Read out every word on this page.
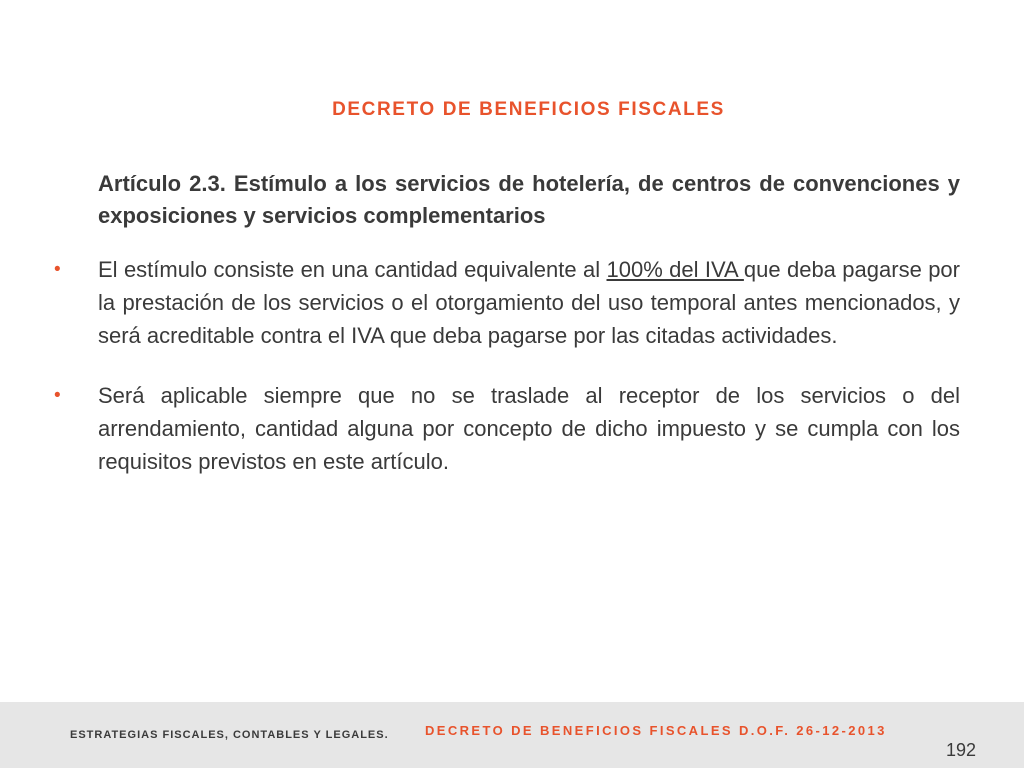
DECRETO DE BENEFICIOS FISCALES
Artículo 2.3. Estímulo a los servicios de hotelería, de centros de convenciones y exposiciones y servicios complementarios
• El estímulo consiste en una cantidad equivalente al 100% del IVA que deba pagarse por la prestación de los servicios o el otorgamiento del uso temporal antes mencionados, y será acreditable contra el IVA que deba pagarse por las citadas actividades.
• Será aplicable siempre que no se traslade al receptor de los servicios o del arrendamiento, cantidad alguna por concepto de dicho impuesto y se cumpla con los requisitos previstos en este artículo.
ESTRATEGIAS FISCALES, CONTABLES Y LEGALES.	DECRETO DE BENEFICIOS FISCALES D.O.F. 26-12-2013
192
